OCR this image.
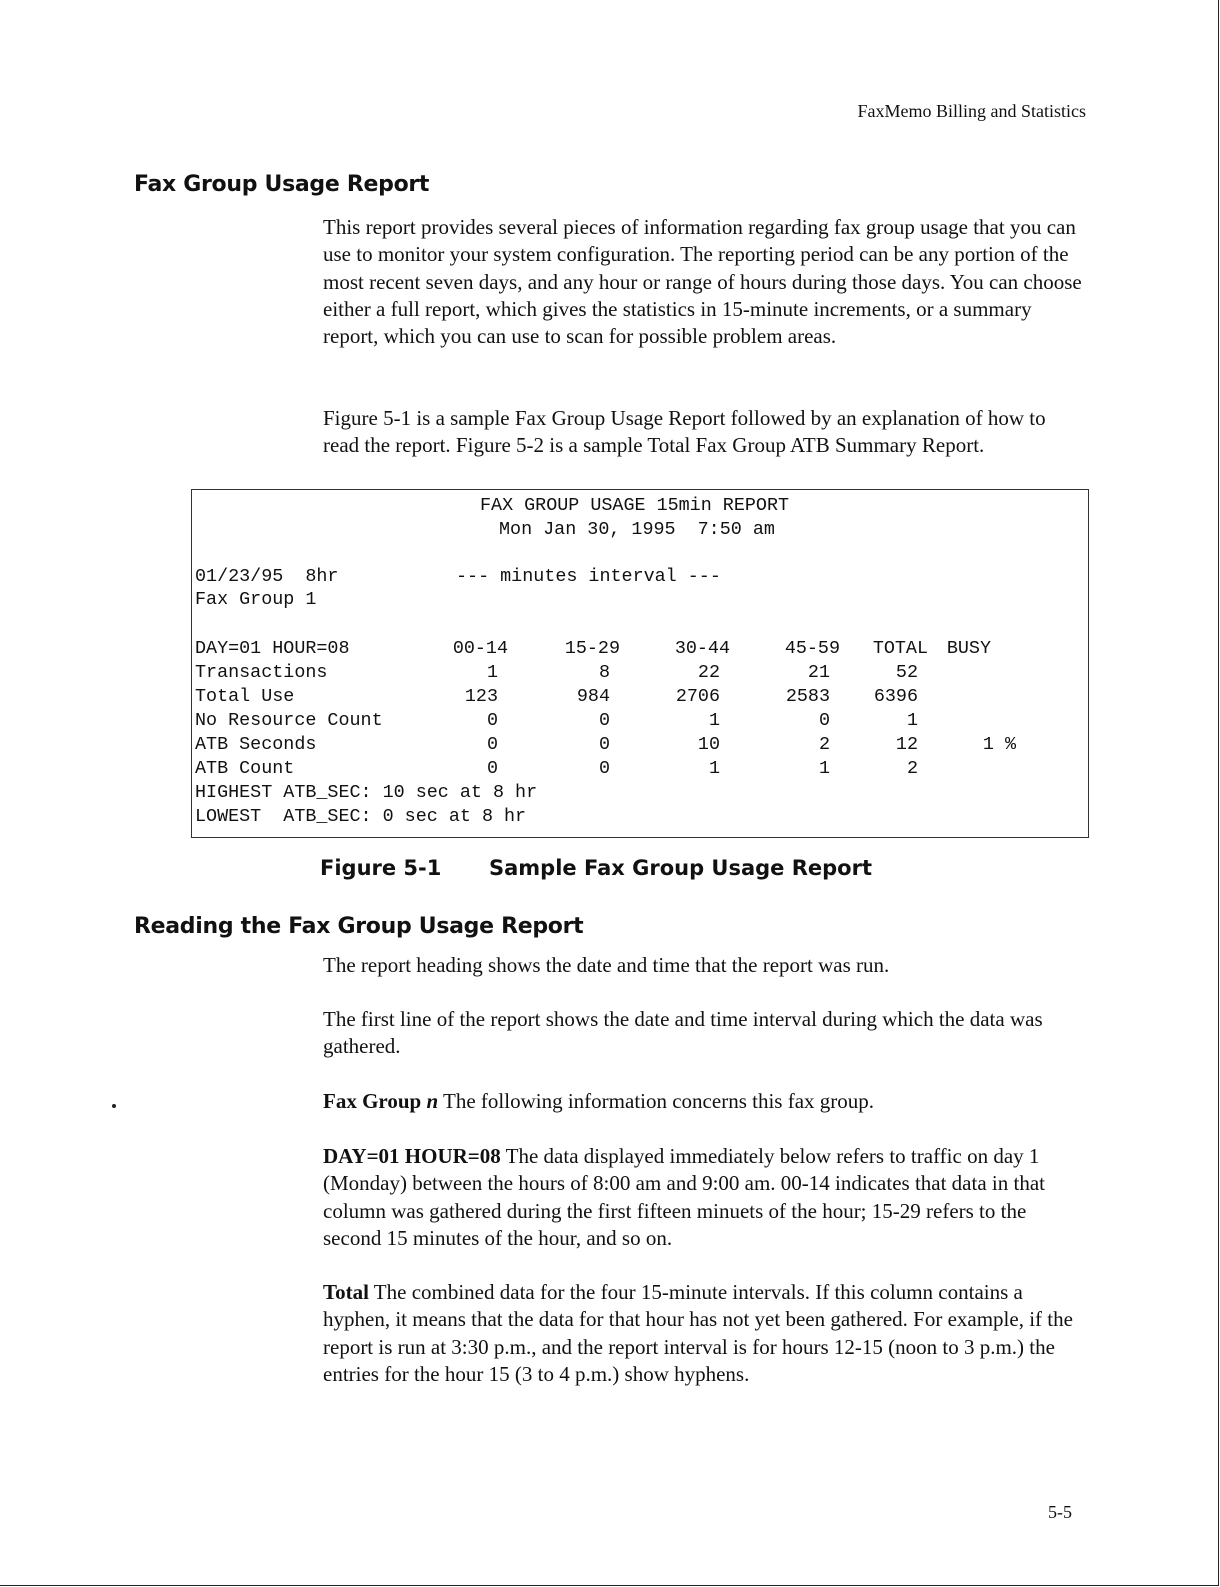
FaxMemo Billing and Statistics
Fax Group Usage Report

This report provides several pieces of information regarding fax group usage that you can use to monitor your system configuration. The reporting period can be any portion of the most recent seven days, and any hour or range of hours during those days. You can choose either a full report, which gives the statistics in 15-minute increments, or a summary report, which you can use to scan for possible problem areas.

Figure 5-1 is a sample Fax Group Usage Report followed by an explanation of how to read the report. Figure 5-2 is a sample Total Fax Group ATB Summary Report.

FAX GROUP USAGE 15min REPORT
Mon Jan 30, 1995  7:50 am
01/23/95  8hr	--- minutes interval ---
Fax Group 1
DAY=01 HOUR=08	00-14	15-29	30-44	45-59 TOTAL BUSY
Transactions	1	8	22	21	52
Total Use	123	984	2706	2583 6396
No Resource Count	0	0	1	0	1
ATB Seconds	0	0	10	2	12	1 %
ATB Count	0	0	1	1	2
HIGHEST ATB_SEC: 10 sec at 8 hr
LOWEST  ATB_SEC: 0 sec at 8 hr
Figure 5-1 Sample Fax Group Usage Report
Reading the Fax Group Usage Report

The report heading shows the date and time that the report was run.

The first line of the report shows the date and time interval during which the data was gathered.

Fax Group n The following information concerns this fax group.

DAY=01 HOUR=08 The data displayed immediately below refers to traffic on day 1 (Monday) between the hours of 8:00 am and 9:00 am. 00-14 indicates that data in that column was gathered during the first fifteen minuets of the hour; 15-29 refers to the second 15 minutes of the hour, and so on.

Total The combined data for the four 15-minute intervals. If this column contains a hyphen, it means that the data for that hour has not yet been gathered. For example, if the report is run at 3:30 p.m., and the report interval is for hours 12-15 (noon to 3 p.m.) the entries for the hour 15 (3 to 4 p.m.) show hyphens.

5-5
